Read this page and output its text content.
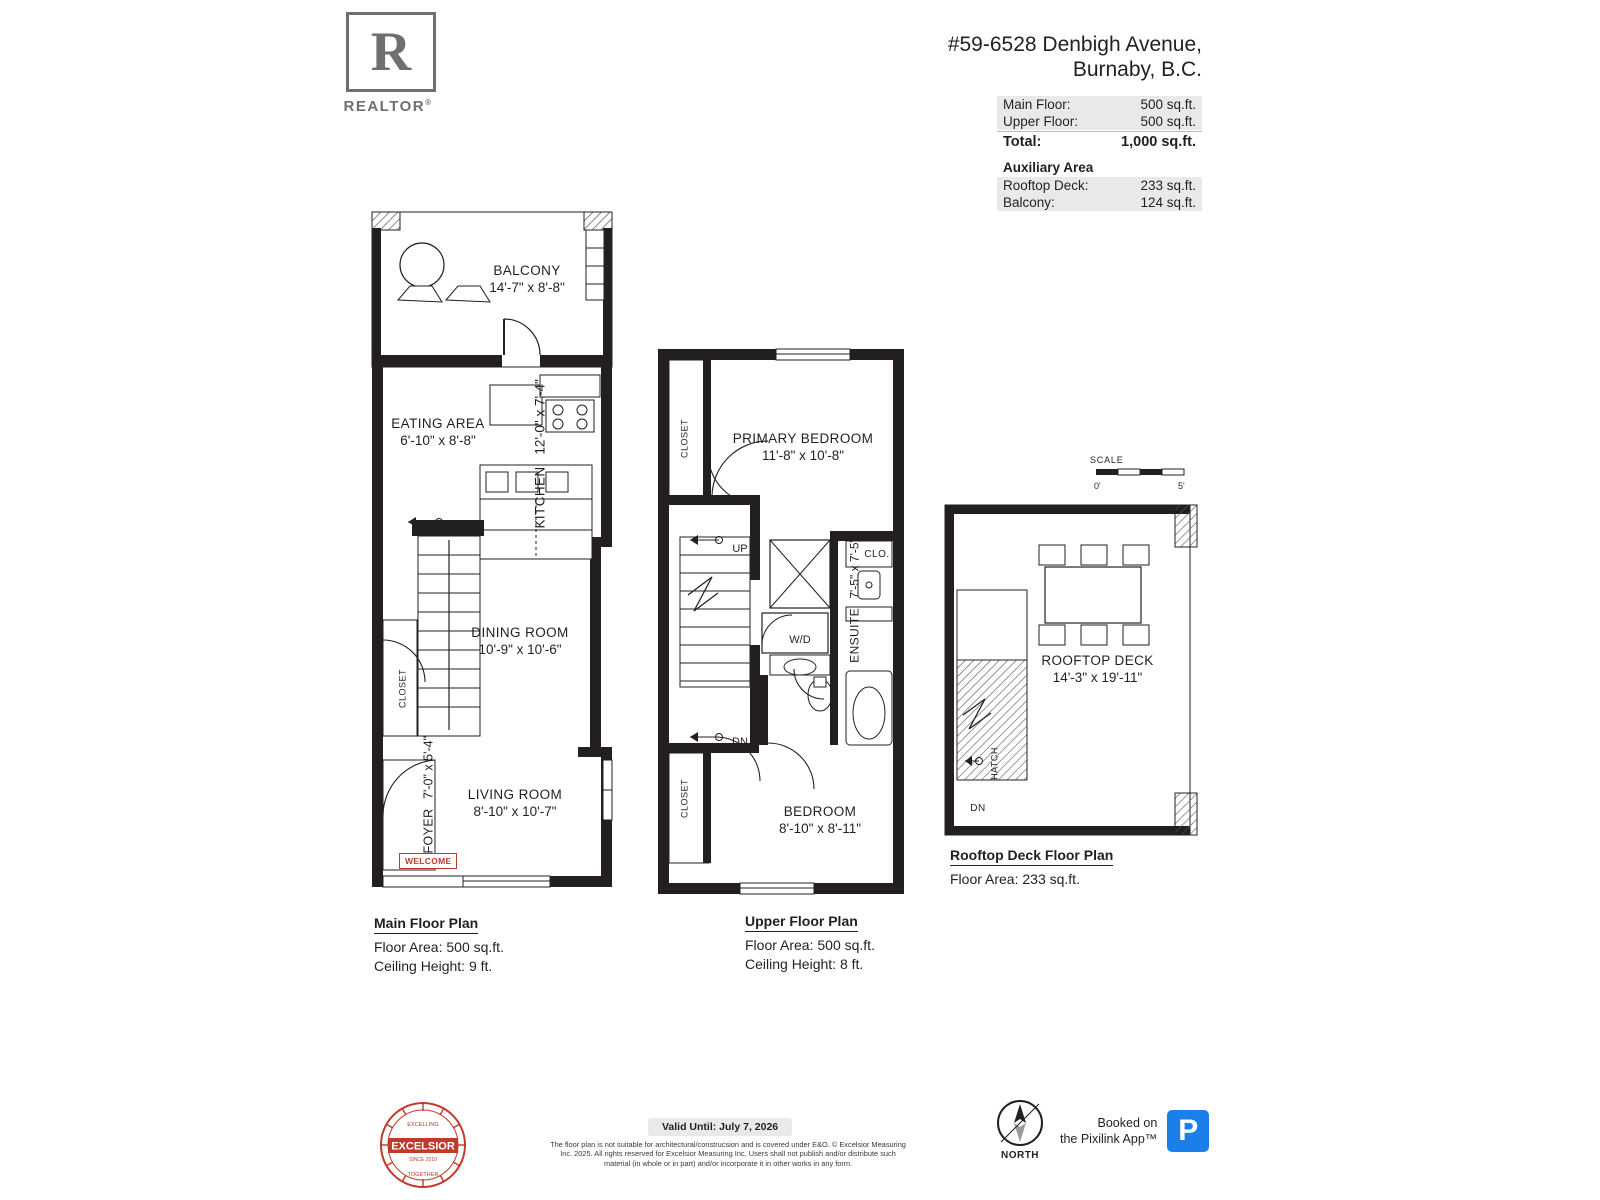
R
REALTOR®
#59-6528 Denbigh Avenue,
Burnaby, B.C.
Main Floor:	500 sq.ft.
Upper Floor:	500 sq.ft.
Total:	1,000 sq.ft.
Auxiliary Area
Rooftop Deck:	233 sq.ft.
Balcony:	124 sq.ft.
SCALE
0'	5'
BALCONY
14'-7" x 8'-8"
EATING AREA
6'-10" x 8'-8"
KITCHEN 12'-0" x 7'-4"
DINING ROOM
10'-9" x 10'-6"
LIVING ROOM
8'-10" x 10'-7"
FOYER 7'-0" x 5'-4"
CLOSET
UP
WELCOME
Main Floor Plan
Floor Area: 500 sq.ft.
Ceiling Height: 9 ft.
PRIMARY BEDROOM
11'-8" x 10'-8"
BEDROOM
8'-10" x 8'-11"
ENSUITE 7'-5" x 7'-5"
CLOSET
CLOSET
CLO.
W/D
UP
DN
Upper Floor Plan
Floor Area: 500 sq.ft.
Ceiling Height: 8 ft.
ROOFTOP DECK
14'-3" x 19'-11"
HATCH
DN
Rooftop Deck Floor Plan
Floor Area: 233 sq.ft.
EXCELSIOR
SINCE 2010
EXCELLING
TOGETHER
Valid Until: July 7, 2026
The floor plan is not suitable for architectural/construcsion and is covered under E&O. © Excelsior Measuring Inc. 2025. All rights reserved for Excelsior Measuring Inc. Users shall not publish and/or distribute such material (in whole or in part) and/or incorporate it in other works in any form.
NORTH
Booked on
the Pixilink App™ P
